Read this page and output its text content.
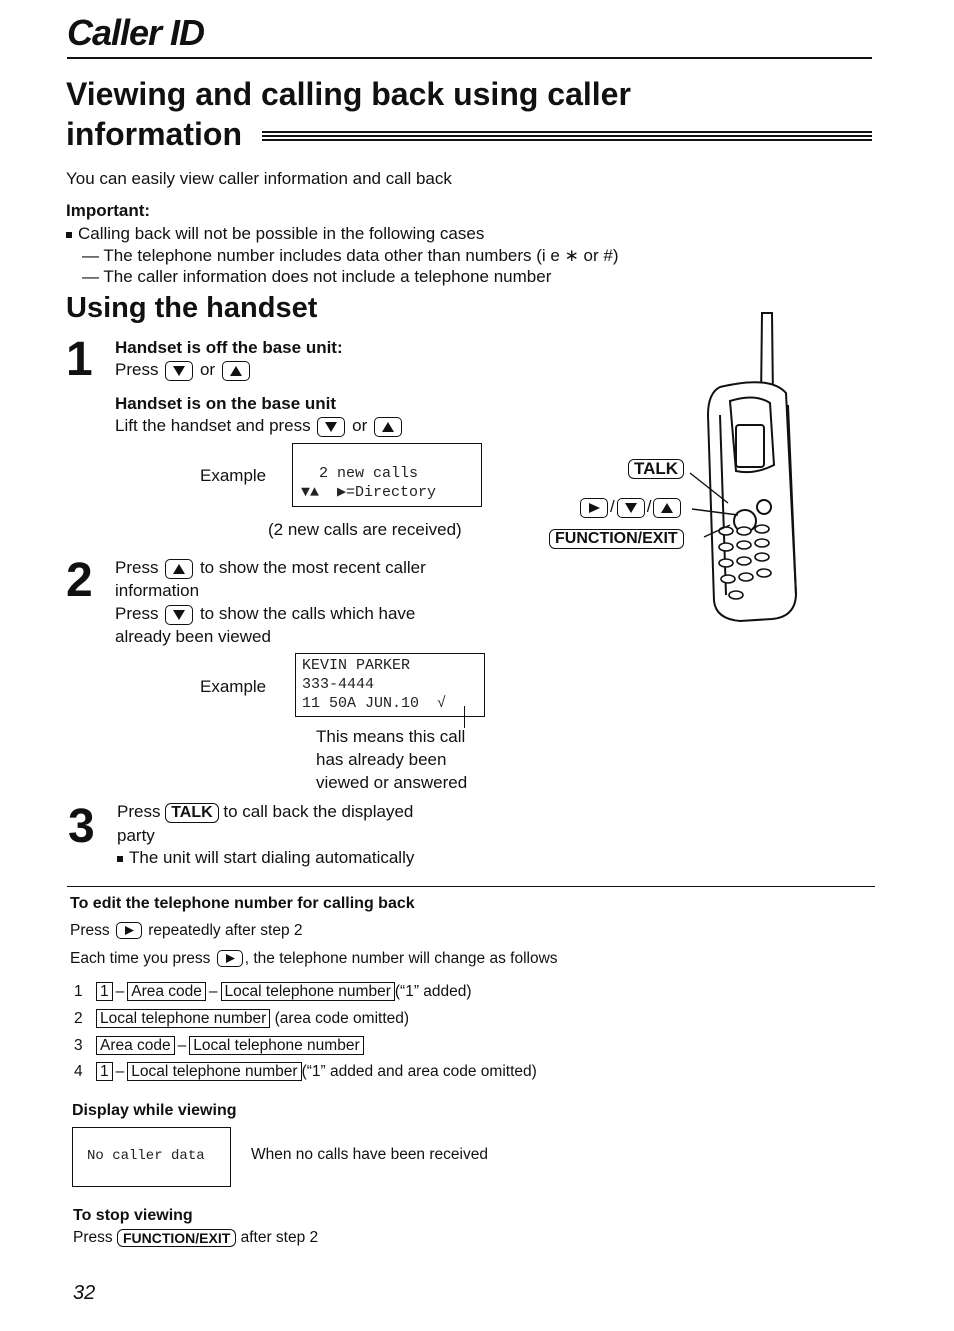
Caller ID
Viewing and calling back using caller
information
You can easily view caller information and call back
Important:
Calling back will not be possible in the following cases
— The telephone number includes data other than numbers (i e ∗ or #)
— The caller information does not include a telephone number
Using the handset
1 Handset is off the base unit:
Press or
Handset is on the base unit
Lift the handset and press or
Example 2 new calls
▼▲  ▶=Directory
(2 new calls are received)
2 Press to show the most recent caller
information
Press to show the calls which have
already been viewed
Example
KEVIN PARKER
333-4444
11 50A JUN.10  √
This means this call
has already been
viewed or answered
3 Press TALK to call back the displayed
party
The unit will start dialing automatically
TALK
/ /
FUNCTION/EXIT
To edit the telephone number for calling back
Press repeatedly after step 2
Each time you press , the telephone number will change as follows
1 1 – Area code – Local telephone number (“1” added)
2 Local telephone number (area code omitted)
3 Area code – Local telephone number
4 1 – Local telephone number (“1” added and area code omitted)
Display while viewing
No caller data	When no calls have been received
To stop viewing
Press FUNCTION/EXIT after step 2
32
